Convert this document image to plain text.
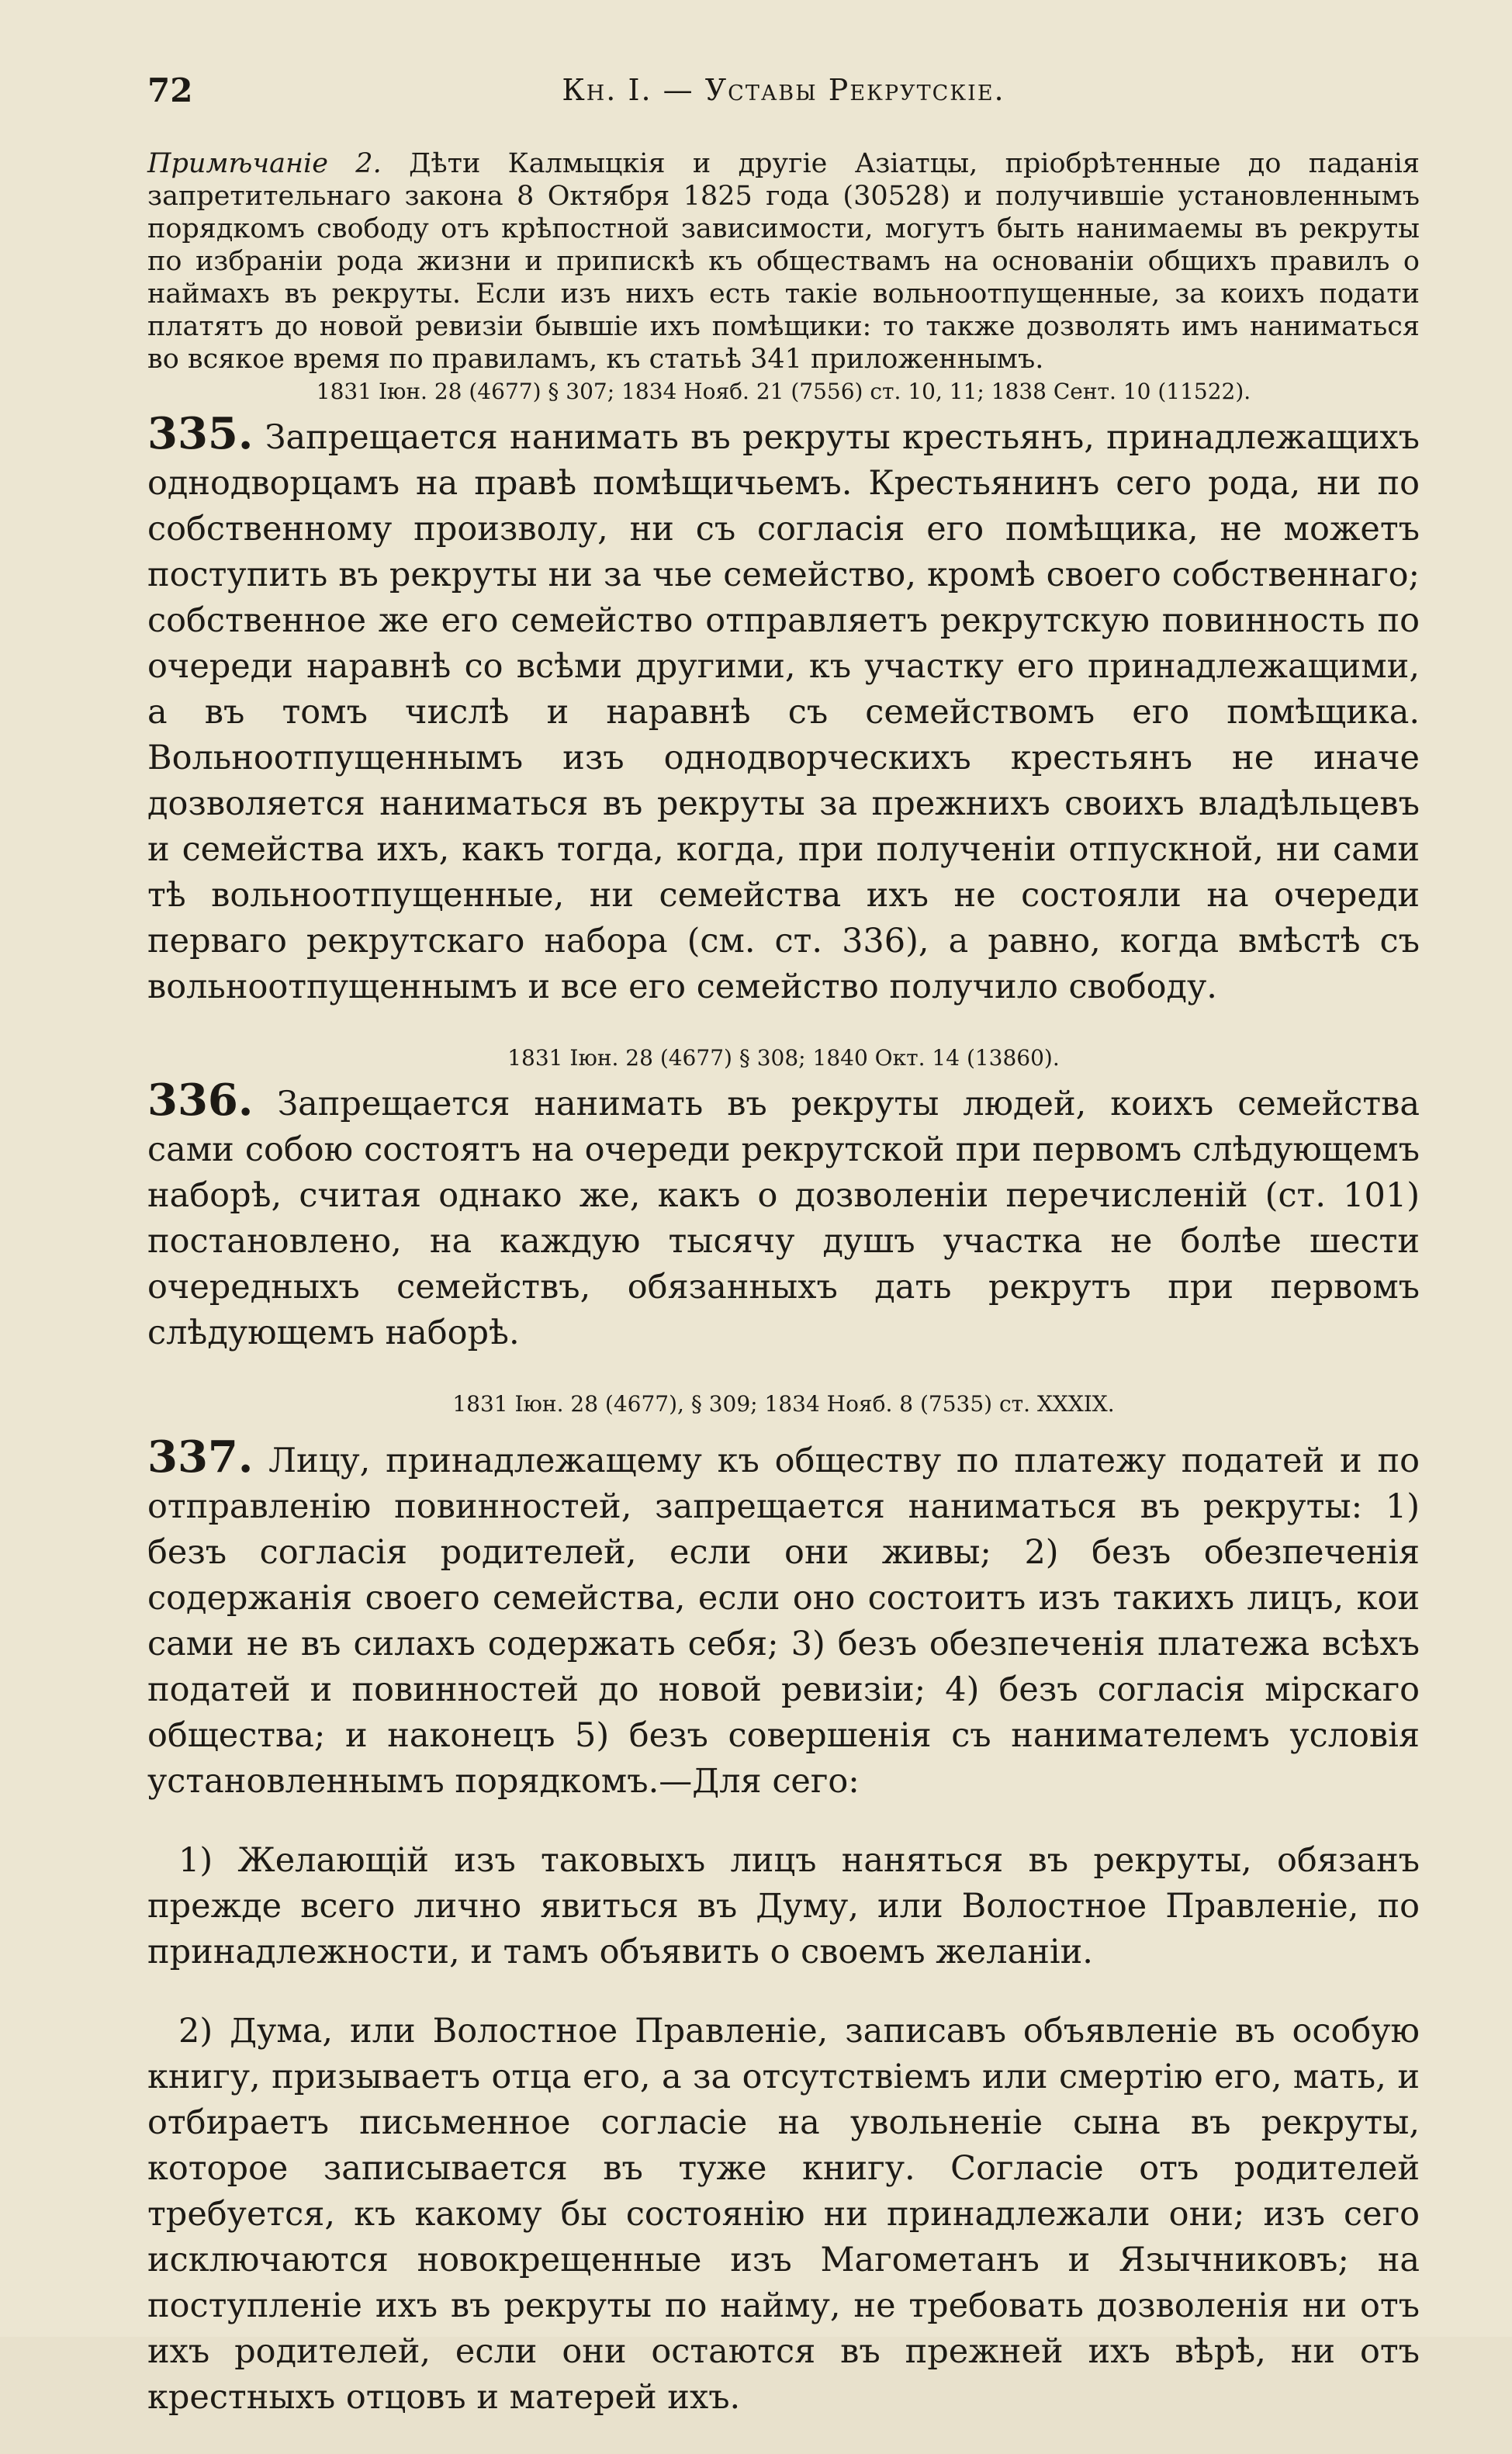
72	Кн. I. — Уставы Рекрутскіе.

Примѣчаніе 2. Дѣти Калмыцкія и другіе Азіатцы, пріобрѣтенные до паданія запретительнаго закона 8 Октября 1825 года (30528) и получившіе установленнымъ порядкомъ свободу отъ крѣпостной зависимости, могутъ быть нанимаемы въ рекруты по избраніи рода жизни и припискѣ къ обществамъ на основаніи общихъ правилъ о наймахъ въ рекруты. Если изъ нихъ есть такіе вольноотпущенные, за коихъ подати платятъ до новой ревизіи бывшіе ихъ помѣщики: то также дозволять имъ наниматься во всякое время по правиламъ, къ статьѣ 341 приложеннымъ.

1831 Іюн. 28 (4677) § 307; 1834 Нояб. 21 (7556) ст. 10, 11; 1838 Сент. 10 (11522).

335. Запрещается нанимать въ рекруты крестьянъ, принадлежащихъ однодворцамъ на правѣ помѣщичьемъ. Крестьянинъ сего рода, ни по собственному произволу, ни съ согласія его помѣщика, не можетъ поступить въ рекруты ни за чье семейство, кромѣ своего собственнаго; собственное же его семейство отправляетъ рекрутскую повинность по очереди наравнѣ со всѣми другими, къ участку его принадлежащими, а въ томъ числѣ и наравнѣ съ семействомъ его помѣщика. Вольноотпущеннымъ изъ однодворческихъ крестьянъ не иначе дозволяется наниматься въ рекруты за прежнихъ своихъ владѣльцевъ и семейства ихъ, какъ тогда, когда, при полученіи отпускной, ни сами тѣ вольноотпущенные, ни семейства ихъ не состояли на очереди перваго рекрутскаго набора (см. ст. 336), а равно, когда вмѣстѣ съ вольноотпущеннымъ и все его семейство получило свободу.

1831 Іюн. 28 (4677) § 308; 1840 Окт. 14 (13860).

336. Запрещается нанимать въ рекруты людей, коихъ семейства сами собою состоятъ на очереди рекрутской при первомъ слѣдующемъ наборѣ, считая однако же, какъ о дозволеніи перечисленій (ст. 101) постановлено, на каждую тысячу душъ участка не болѣе шести очередныхъ семействъ, обязанныхъ дать рекрутъ при первомъ слѣдующемъ наборѣ.

1831 Іюн. 28 (4677), § 309; 1834 Нояб. 8 (7535) ст. XXXIX.

337. Лицу, принадлежащему къ обществу по платежу податей и по отправленію повинностей, запрещается наниматься въ рекруты: 1) безъ согласія родителей, если они живы; 2) безъ обезпеченія содержанія своего семейства, если оно состоитъ изъ такихъ лицъ, кои сами не въ силахъ содержать себя; 3) безъ обезпеченія платежа всѣхъ податей и повинностей до новой ревизіи; 4) безъ согласія мірскаго общества; и наконецъ 5) безъ совершенія съ нанимателемъ условія установленнымъ порядкомъ.—Для сего:

1) Желающій изъ таковыхъ лицъ наняться въ рекруты, обязанъ прежде всего лично явиться въ Думу, или Волостное Правленіе, по принадлежности, и тамъ объявить о своемъ желаніи.

2) Дума, или Волостное Правленіе, записавъ объявленіе въ особую книгу, призываетъ отца его, а за отсутствіемъ или смертію его, мать, и отбираетъ письменное согласіе на увольненіе сына въ рекруты, которое записывается въ туже книгу. Согласіе отъ родителей требуется, къ какому бы состоянію ни принадлежали они; изъ сего исключаются новокрещенные изъ Магометанъ и Язычниковъ; на поступленіе ихъ въ рекруты по найму, не требовать дозволенія ни отъ ихъ родителей, если они остаются въ прежней ихъ вѣрѣ, ни отъ крестныхъ отцовъ и матерей ихъ.
